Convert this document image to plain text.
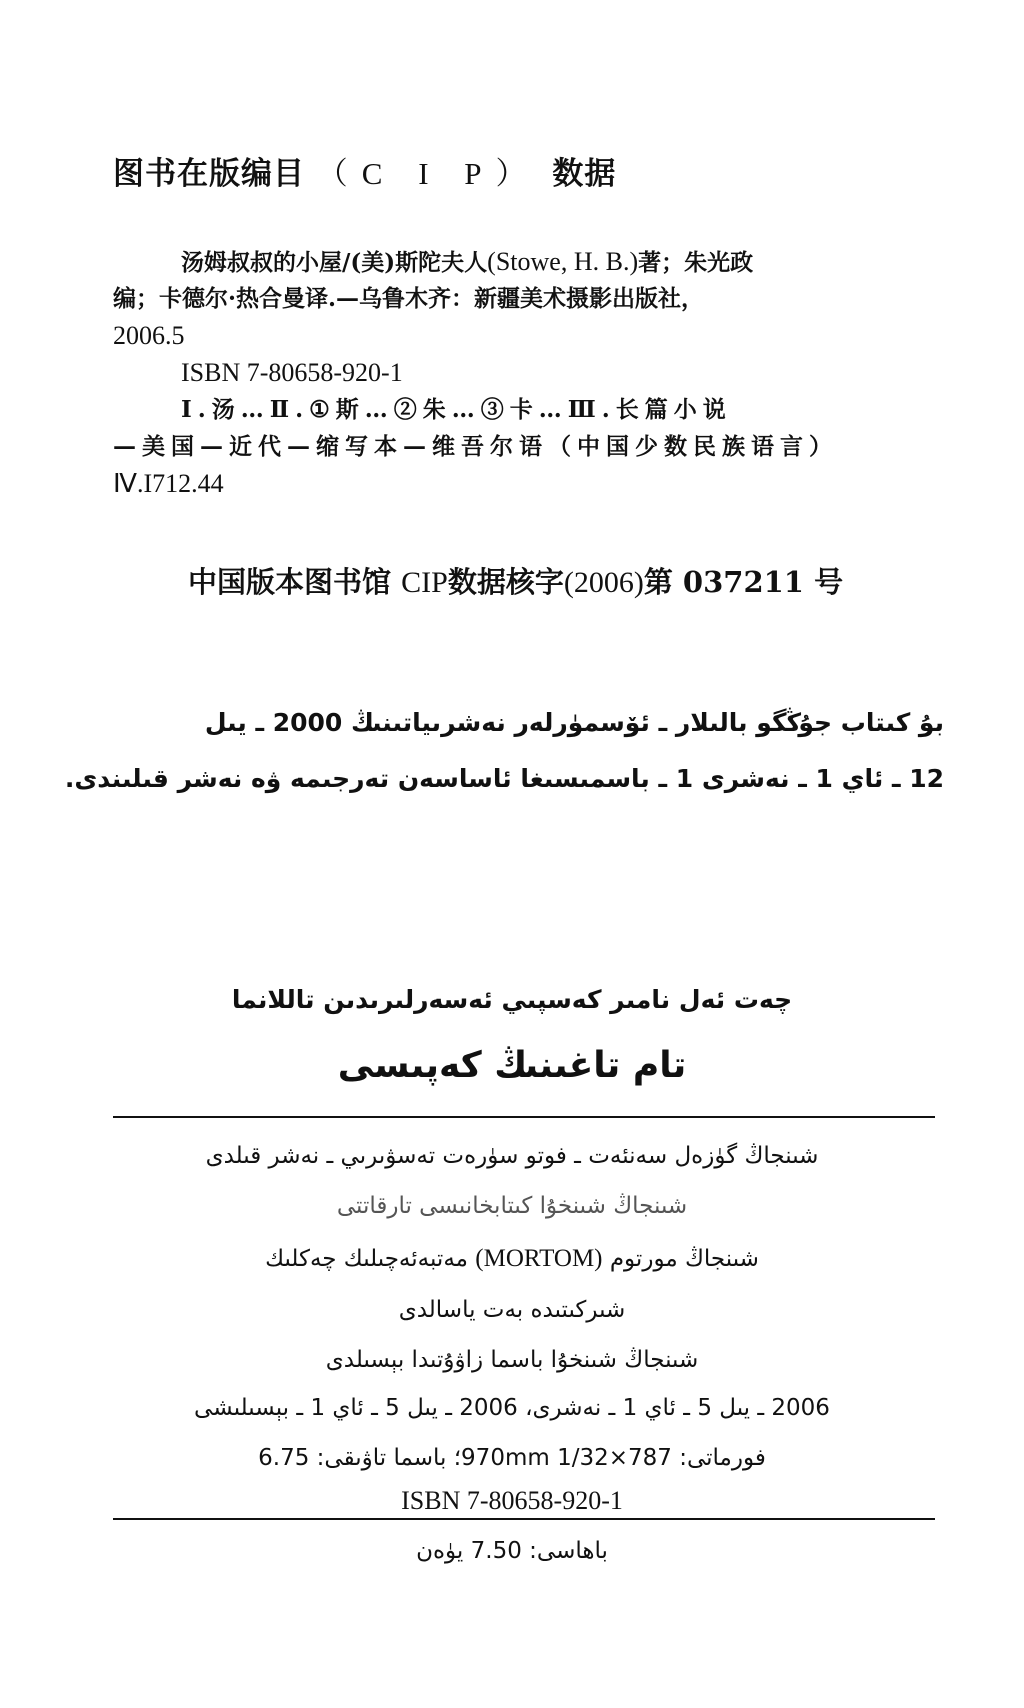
图书在版编目 （C I P） 数据
汤姆叔叔的小屋/(美)斯陀夫人(Stowe, H. B.)著；朱光政
编；卡德尔·热合曼译.—乌鲁木齐：新疆美术摄影出版社，
2006.5
ISBN 7-80658-920-1
Ⅰ.汤…Ⅱ.①斯…②朱…③卡…Ⅲ.长篇小说
—美国—近代—缩写本—维吾尔语（中国少数民族语言）
Ⅳ.I712.44
中国版本图书馆 CIP数据核字(2006)第 037211 号
بۇ كىتاب جۇڭگو بالىلار ـ ئۆسمۈرلەر نەشرىياتىنىڭ 2000 ـ يىل
12 ـ ئاي 1 ـ نەشرى 1 ـ باسمىسىغا ئاساسەن تەرجىمە ۋە نەشر قىلىندى.
چەت ئەل نامىر كەسپىي ئەسەرلىرىدىن تاللانما
تام تاغىنىڭ كەپىسى
شىنجاڭ گۈزەل سەنئەت ـ فوتو سۈرەت تەسۋىرىي ـ نەشر قىلدى
شىنجاڭ شىنخۇا كىتابخانىسى تارقاتتى
شىنجاڭ مورتوم (MORTOM) مەتبەئەچىلىك چەكلىك
شىركىتىدە بەت ياسالدى
شىنجاڭ شىنخۇا باسما زاۋۇتىدا بېسىلدى
2006 ـ يىل 5 ـ ئاي 1 ـ نەشرى، 2006 ـ يىل 5 ـ ئاي 1 ـ بېسىلىشى
فورماتى: 787×970mm 1/32؛ باسما تاۋىقى: 6.75
ISBN 7-80658-920-1
باھاسى: 7.50 يۈەن
